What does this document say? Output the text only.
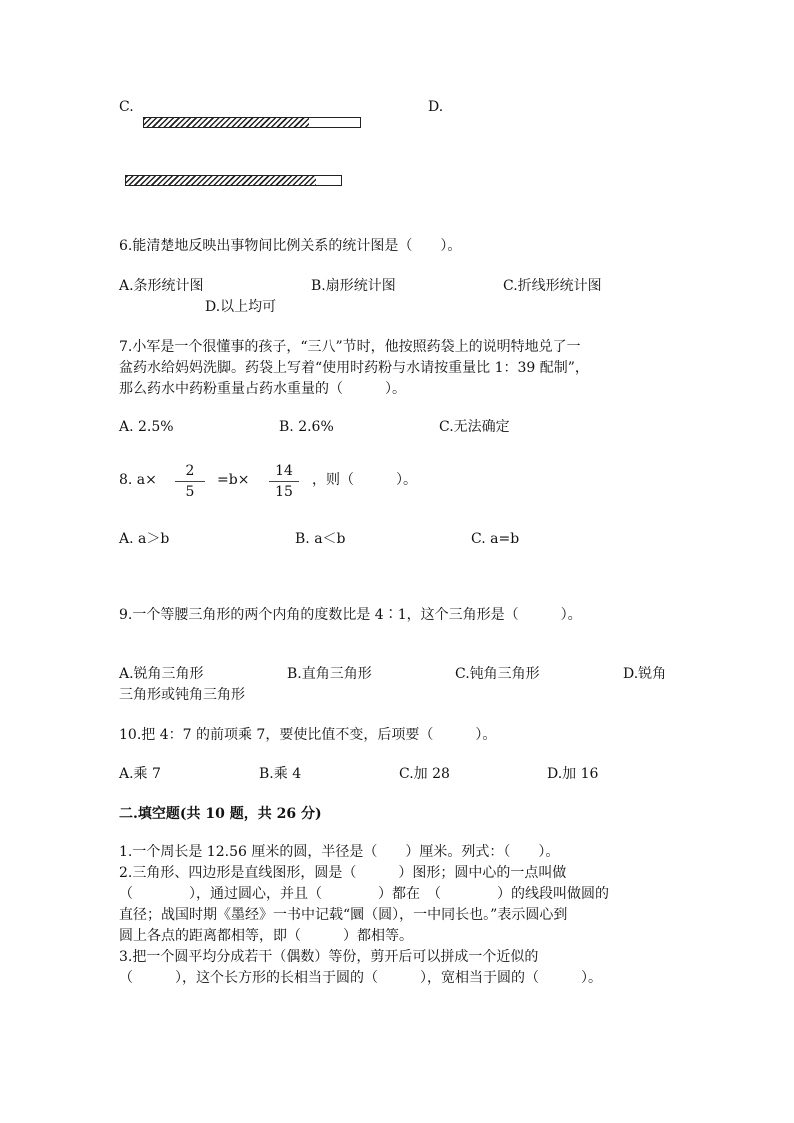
C.	D.
6.能清楚地反映出事物间比例关系的统计图是（　　）。
A.条形统计图	B.扇形统计图	C.折线形统计图
D.以上均可
7.小军是一个很懂事的孩子，“三八”节时，他按照药袋上的说明特地兑了一
盆药水给妈妈洗脚。药袋上写着“使用时药粉与水请按重量比 1：39 配制”，
那么药水中药粉重量占药水重量的（　　　）。
A. 2.5%	B. 2.6%	C.无法确定
8. $a\times \frac{2}{5} =b\times \frac{14}{15}$ ，则（　　　）。
A. a＞b	B. a＜b	C. a=b
9.一个等腰三角形的两个内角的度数比是 4∶1，这个三角形是（　　　）。
A.锐角三角形	B.直角三角形	C.钝角三角形	D.锐角
三角形或钝角三角形
10.把 4：7 的前项乘 7，要使比值不变，后项要（　　　）。
A.乘 7	B.乘 4	C.加 28	D.加 16
二.填空题(共 10 题，共 26 分)
1.一个周长是 12.56 厘米的圆，半径是（　　）厘米。列式：（　　）。
2.三角形、四边形是直线图形，圆是（　　　）图形；圆中心的一点叫做
（　　　　），通过圆心，并且（　　　　）都在　（　　　　）的线段叫做圆的
直径；战国时期《墨经》一书中记载“圜（圆），一中同长也。”表示圆心到
圆上各点的距离都相等，即（　　　）都相等。
3.把一个圆平均分成若干（偶数）等份，剪开后可以拼成一个近似的
（　　　），这个长方形的长相当于圆的（　　　），宽相当于圆的（　　　）。
